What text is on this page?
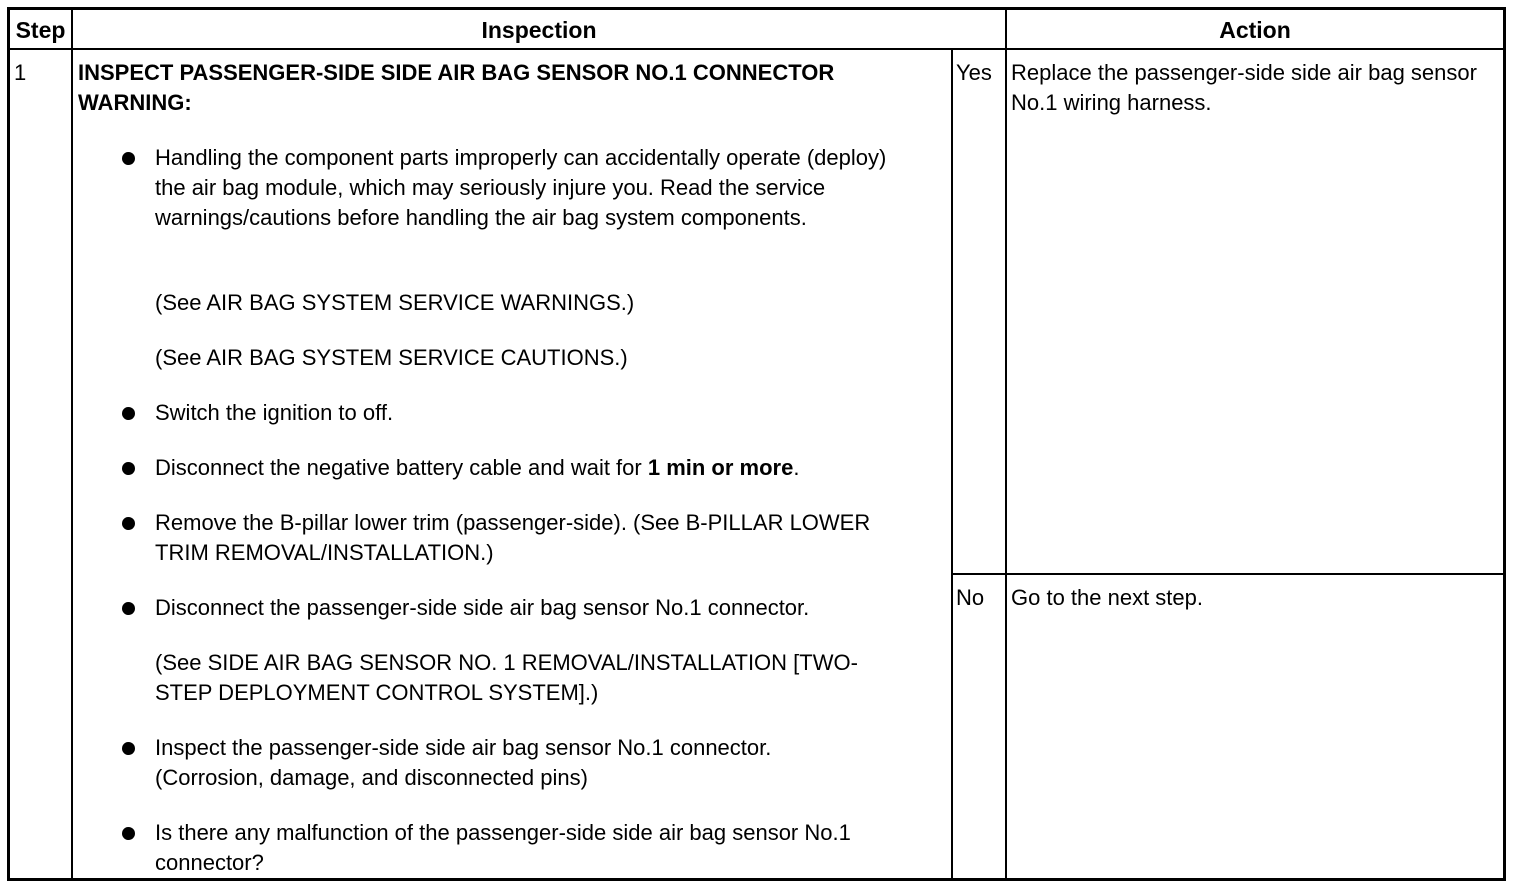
Step	Inspection	Action
1 INSPECT PASSENGER-SIDE SIDE AIR BAG SENSOR NO.1 CONNECTOR
WARNING:
Handling the component parts improperly can accidentally operate (deploy) the air bag module, which may seriously injure you. Read the service warnings/cautions before handling the air bag system components.
(See AIR BAG SYSTEM SERVICE WARNINGS.)
(See AIR BAG SYSTEM SERVICE CAUTIONS.)
Switch the ignition to off.
Disconnect the negative battery cable and wait for 1 min or more.
Remove the B-pillar lower trim (passenger-side). (See B-PILLAR LOWER TRIM REMOVAL/INSTALLATION.)
Disconnect the passenger-side side air bag sensor No.1 connector.
(See SIDE AIR BAG SENSOR NO. 1 REMOVAL/INSTALLATION [TWO-STEP DEPLOYMENT CONTROL SYSTEM].)
Inspect the passenger-side side air bag sensor No.1 connector. (Corrosion, damage, and disconnected pins)
Is there any malfunction of the passenger-side side air bag sensor No.1 connector?
Yes Replace the passenger-side side air bag sensor No.1 wiring harness.
No Go to the next step.
